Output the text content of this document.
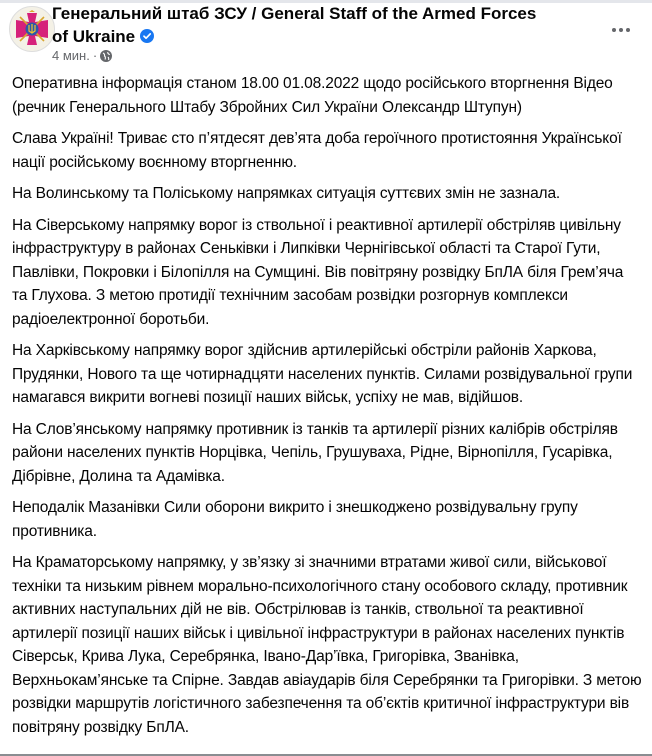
Генеральний штаб ЗСУ / General Staff of the Armed Forces of Ukraine
4 мин. ·

Оперативна інформація станом 18.00 01.08.2022 щодо російського вторгнення Відео (речник Генерального Штабу Збройних Сил України Олександр Штупун)

Слава Україні! Триває сто п’ятдесят дев’ята доба героїчного протистояння Української нації російському воєнному вторгненню.

На Волинському та Поліському напрямках ситуація суттєвих змін не зазнала.

На Сіверському напрямку ворог із ствольної і реактивної артилерії обстріляв цивільну інфраструктуру в районах Сеньківки і Липківки Чернігівської області та Старої Гути, Павлівки, Покровки і Білопілля на Сумщині. Вів повітряну розвідку БпЛА біля Грем’яча та Глухова. З метою протидії технічним засобам розвідки розгорнув комплекси радіоелектронної боротьби.

На Харківському напрямку ворог здійснив артилерійські обстріли районів Харкова, Прудянки, Нового та ще чотирнадцяти населених пунктів. Силами розвідувальної групи намагався викрити вогневі позиції наших військ, успіху не мав, відійшов.

На Слов’янському напрямку противник із танків та артилерії різних калібрів обстріляв райони населених пунктів Норцівка, Чепіль, Грушуваха, Рідне, Вірнопілля, Гусарівка, Дібрівне, Долина та Адамівка.

Неподалік Мазанівки Сили оборони викрито і знешкоджено розвідувальну групу противника.

На Краматорському напрямку, у зв’язку зі значними втратами живої сили, військової техніки та низьким рівнем морально-психологічного стану особового складу, противник активних наступальних дій не вів. Обстрілював із танків, ствольної та реактивної артилерії позиції наших військ і цивільної інфраструктури в районах населених пунктів Сіверськ, Крива Лука, Серебрянка, Івано-Дар’ївка, Григорівка, Званівка, Верхньокам’янське та Спірне. Завдав авіаударів біля Серебрянки та Григорівки. З метою розвідки маршрутів логістичного забезпечення та об’єктів критичної інфраструктури вів повітряну розвідку БпЛА.
